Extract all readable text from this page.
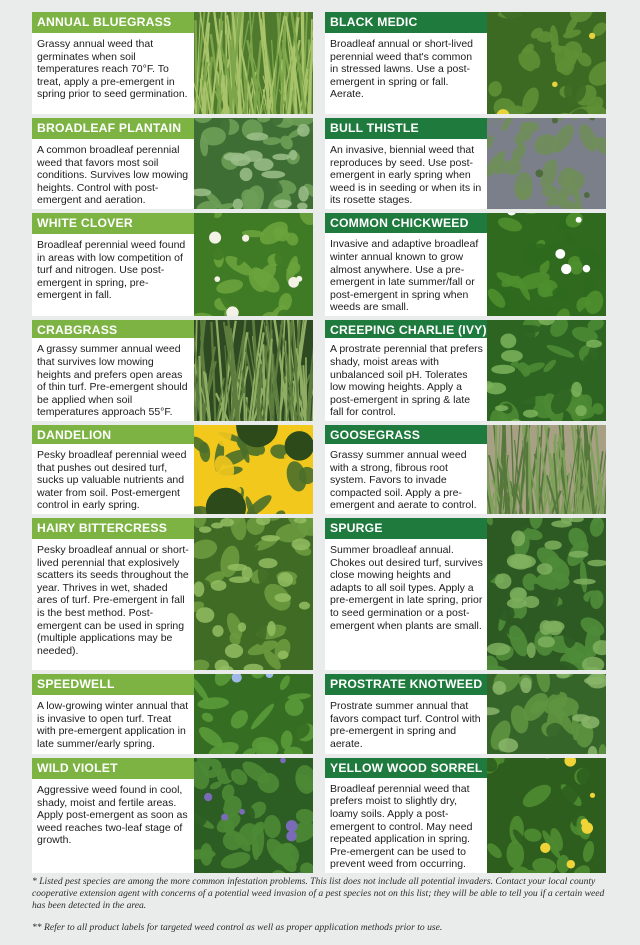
ANNUAL BLUEGRASS
Grassy annual weed that germinates when soil temperatures reach 70°F. To treat, apply a pre-emergent in spring prior to seed germination.
BLACK MEDIC
Broadleaf annual or short-lived perennial weed that's common in stressed lawns. Use a post-emergent in spring or fall. Aerate.
BROADLEAF PLANTAIN
A common broadleaf perennial weed that favors most soil conditions. Survives low mowing heights. Control with post-emergent and aeration.
BULL THISTLE
An invasive, biennial weed that reproduces by seed. Use post-emergent in early spring when weed is in seeding or when its in its rosette stages.
WHITE CLOVER
Broadleaf perennial weed found in areas with low competition of turf and nitrogen. Use post-emergent in spring, pre-emergent in fall.
COMMON CHICKWEED
Invasive and adaptive broadleaf winter annual known to grow almost anywhere. Use a pre-emergent in late summer/fall or post-emergent in spring when weeds are small.
CRABGRASS
A grassy summer annual weed that survives low mowing heights and prefers open areas of thin turf. Pre-emergent should be applied when soil temperatures approach 55°F.
CREEPING CHARLIE (IVY)
A prostrate perennial that prefers shady, moist areas with unbalanced soil pH. Tolerates low mowing heights. Apply a post-emergent in spring & late fall for control.
DANDELION
Pesky broadleaf perennial weed that pushes out desired turf, sucks up valuable nutrients and water from soil. Post-emergent control in early spring.
GOOSEGRASS
Grassy summer annual weed with a strong, fibrous root system. Favors to invade compacted soil. Apply a pre-emergent and aerate to control.
HAIRY BITTERCRESS
Pesky broadleaf annual or short-lived perennial that explosively scatters its seeds throughout the year. Thrives in wet, shaded ares of turf. Pre-emergent in fall is the best method. Post-emergent can be used in spring (multiple applications may be needed).
SPURGE
Summer broadleaf annual. Chokes out desired turf, survives close mowing heights and adapts to all soil types. Apply a pre-emergent in late spring, prior to seed germination or a post-emergent when plants are small.
SPEEDWELL
A low-growing winter annual that is invasive to open turf. Treat with pre-emergent application in late summer/early spring.
PROSTRATE KNOTWEED
Prostrate summer annual that favors compact turf. Control with pre-emergent in spring and aerate.
WILD VIOLET
Aggressive weed found in cool, shady, moist and fertile areas. Apply post-emergent as soon as weed reaches two-leaf stage of growth.
YELLOW WOOD SORREL
Broadleaf perennial weed that prefers moist to slightly dry, loamy soils. Apply a post-emergent to control. May need repeated application in spring. Pre-emergent can be used to prevent weed from occurring.

* Listed pest species are among the more common infestation problems. This list does not include all potential invaders. Contact your local county cooperative extension agent with concerns of a potential weed invasion of a pest species not on this list; they will be able to tell you if a certain weed has been detected in the area.

** Refer to all product labels for targeted weed control as well as proper application methods prior to use.
